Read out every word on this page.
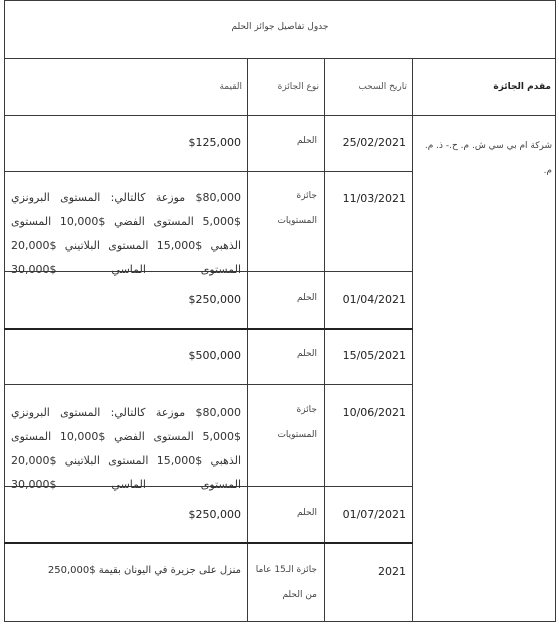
جدول تفاصيل جوائز الحلم
مقدم الجائزة
تاريخ السحب
نوع الجائزة
القيمة
شركة ام بي سي ش. م. ح.- ذ. م. م.
25/02/2021
الحلم
$125,000
11/03/2021
جائزة المستويات
$80,000 موزعة كالتالي: المستوى البرونزي $5,000 المستوى الفضي $10,000 المستوى الذهبي $15,000 المستوى البلاتيني $20,000 المستوى الماسي $30,000
01/04/2021
الحلم
$250,000
15/05/2021
الحلم
$500,000
10/06/2021
جائزة المستويات
$80,000 موزعة كالتالي: المستوى البرونزي $5,000 المستوى الفضي $10,000 المستوى الذهبي $15,000 المستوى البلاتيني $20,000 المستوى الماسي $30,000
01/07/2021
الحلم
$250,000
2021
جائزة الـ15 عاما من الحلم
منزل على جزيرة في اليونان بقيمة $250,000
